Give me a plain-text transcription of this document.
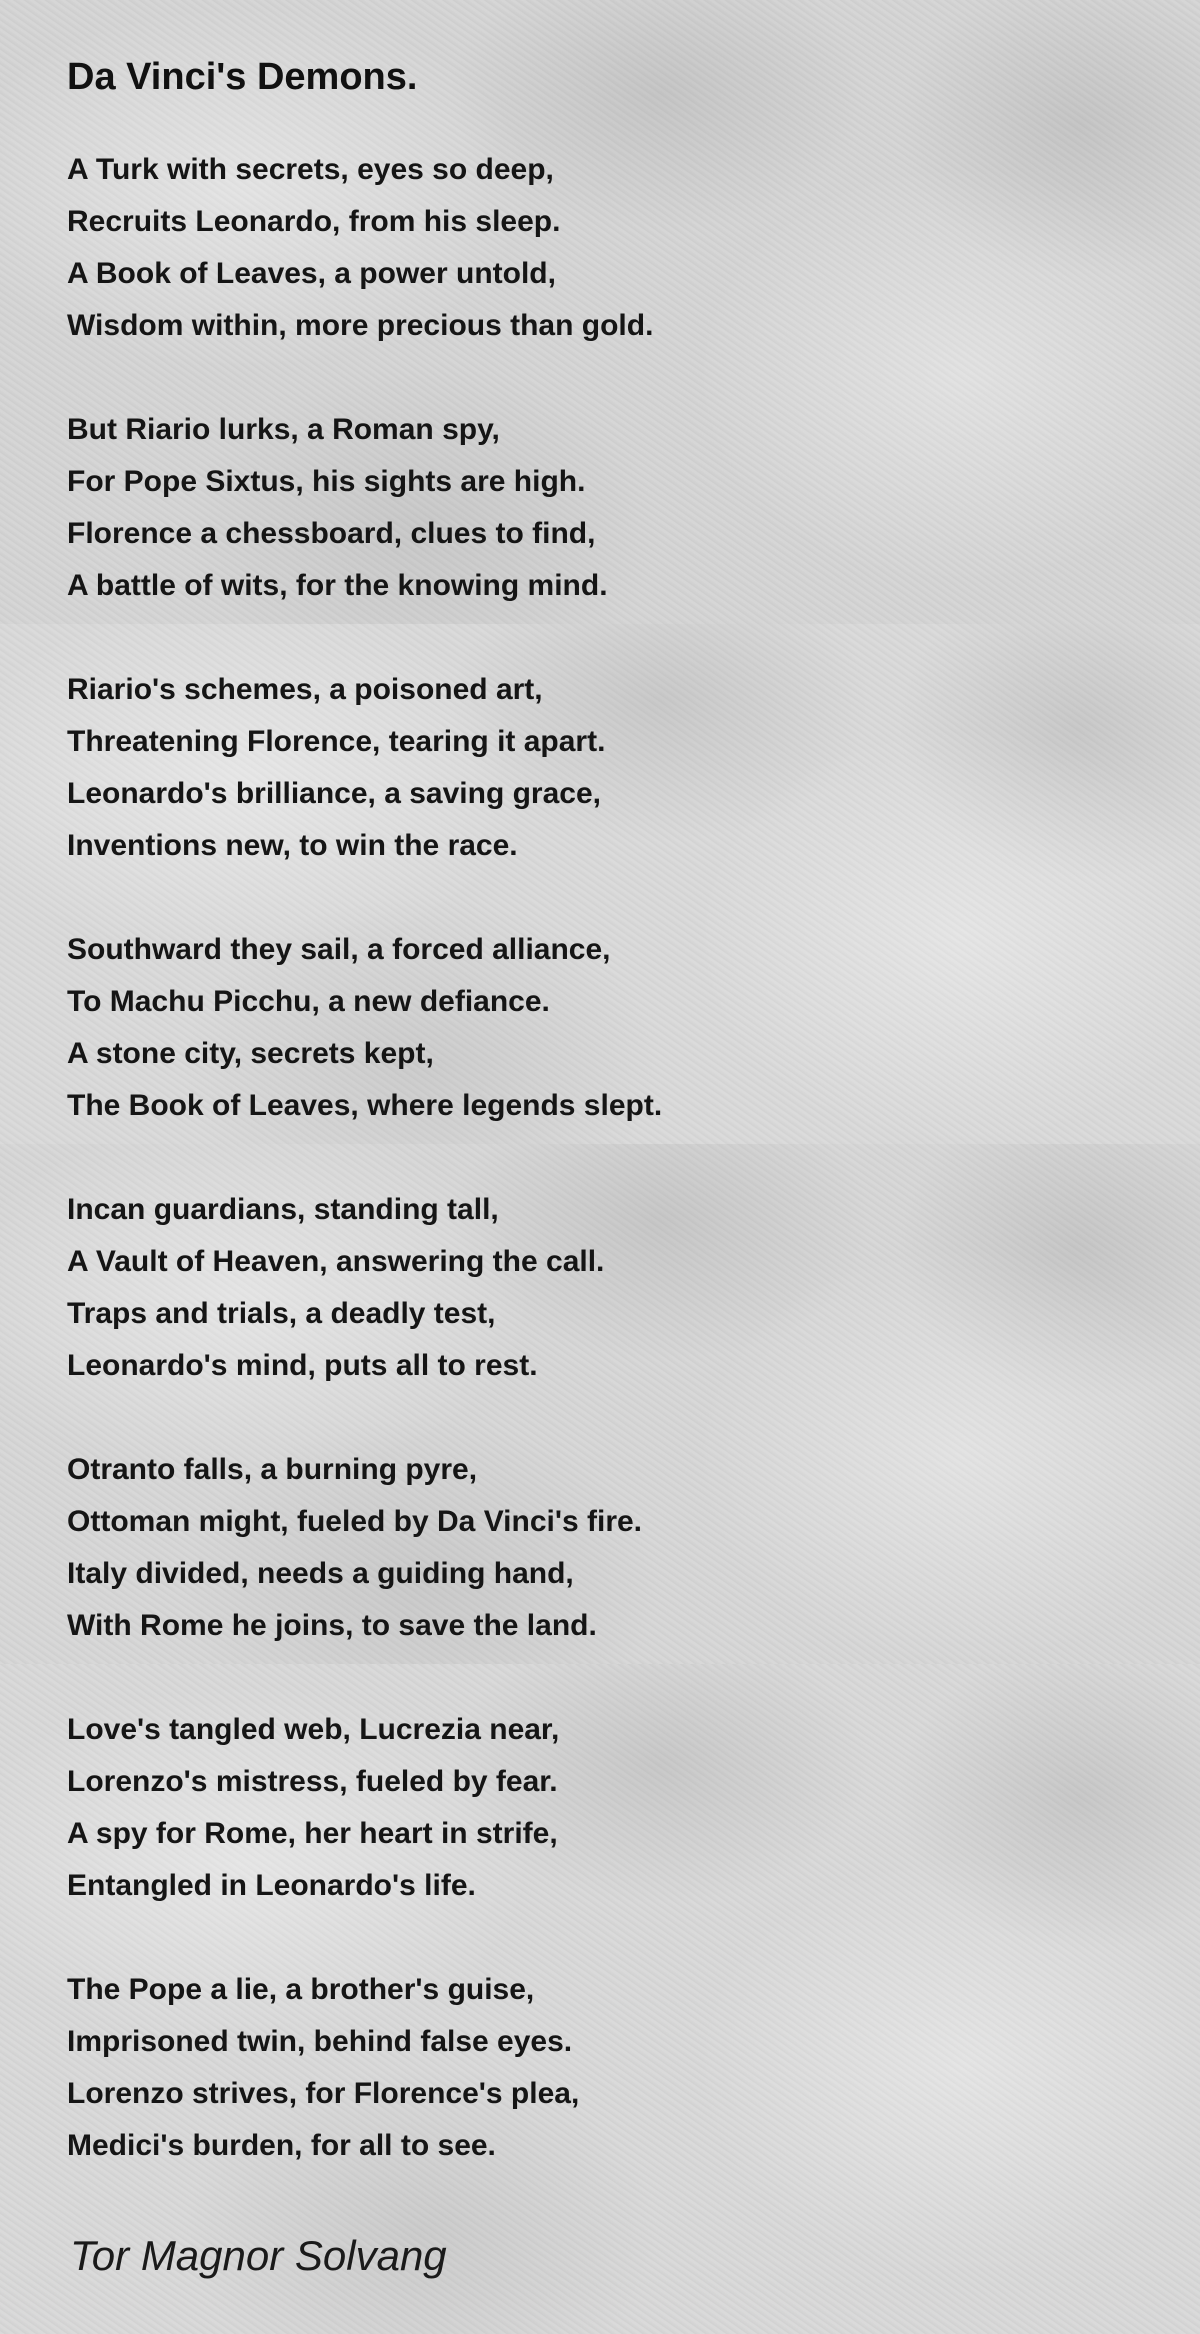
Da Vinci's Demons.
A Turk with secrets, eyes so deep,
Recruits Leonardo, from his sleep.
A Book of Leaves, a power untold,
Wisdom within, more precious than gold.
But Riario lurks, a Roman spy,
For Pope Sixtus, his sights are high.
Florence a chessboard, clues to find,
A battle of wits, for the knowing mind.
Riario's schemes, a poisoned art,
Threatening Florence, tearing it apart.
Leonardo's brilliance, a saving grace,
Inventions new, to win the race.
Southward they sail, a forced alliance,
To Machu Picchu, a new defiance.
A stone city, secrets kept,
The Book of Leaves, where legends slept.
Incan guardians, standing tall,
A Vault of Heaven, answering the call.
Traps and trials, a deadly test,
Leonardo's mind, puts all to rest.
Otranto falls, a burning pyre,
Ottoman might, fueled by Da Vinci's fire.
Italy divided, needs a guiding hand,
With Rome he joins, to save the land.
Love's tangled web, Lucrezia near,
Lorenzo's mistress, fueled by fear.
A spy for Rome, her heart in strife,
Entangled in Leonardo's life.
The Pope a lie, a brother's guise,
Imprisoned twin, behind false eyes.
Lorenzo strives, for Florence's plea,
Medici's burden, for all to see.
Tor Magnor Solvang
